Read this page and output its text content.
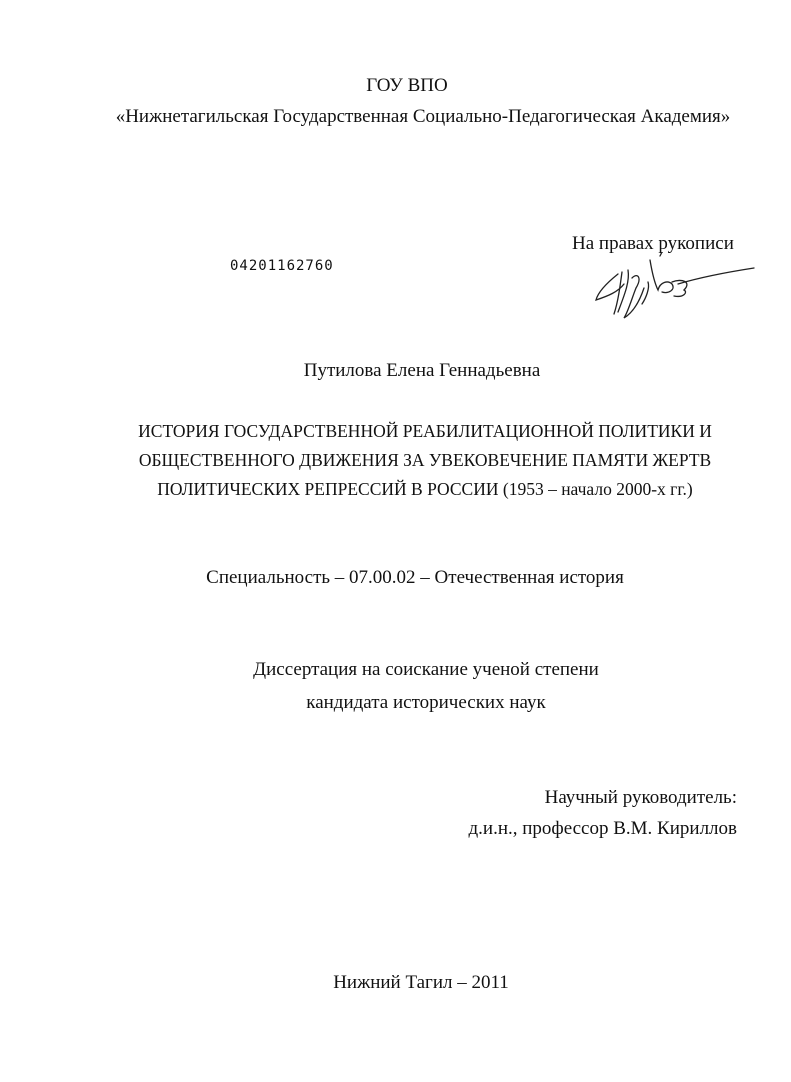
ГОУ ВПО
«Нижнетагильская Государственная Социально-Педагогическая Академия»
На правах рукописи
04201162760
Путилова Елена Геннадьевна
ИСТОРИЯ ГОСУДАРСТВЕННОЙ РЕАБИЛИТАЦИОННОЙ ПОЛИТИКИ И
ОБЩЕСТВЕННОГО ДВИЖЕНИЯ ЗА УВЕКОВЕЧЕНИЕ ПАМЯТИ ЖЕРТВ
ПОЛИТИЧЕСКИХ РЕПРЕССИЙ В РОССИИ (1953 – начало 2000-х гг.)
Специальность – 07.00.02 – Отечественная история
Диссертация на соискание ученой степени
кандидата исторических наук
Научный руководитель:
д.и.н., профессор В.М. Кириллов
Нижний Тагил – 2011
